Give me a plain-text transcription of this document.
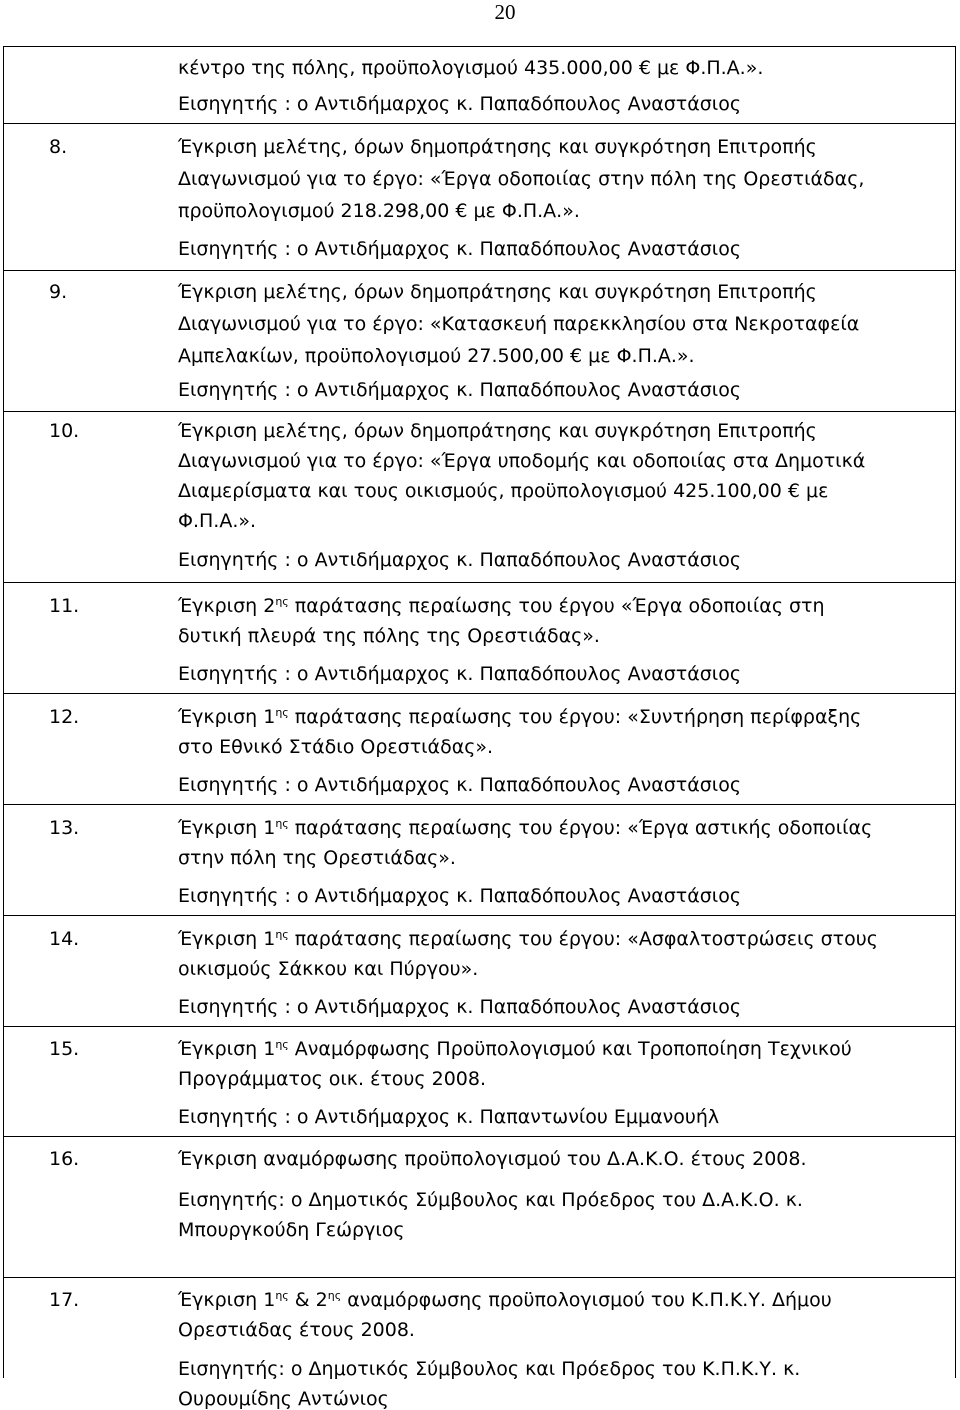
20
κέντρο της πόλης, προϋπολογισμού 435.000,00 € με Φ.Π.Α.».
Εισηγητής : ο Αντιδήμαρχος κ. Παπαδόπουλος Αναστάσιος
8.	Έγκριση μελέτης, όρων δημοπράτησης και συγκρότηση Επιτροπής
Διαγωνισμού για το έργο: «Έργα οδοποιίας στην πόλη της Ορεστιάδας,
προϋπολογισμού 218.298,00 € με Φ.Π.Α.».
Εισηγητής : ο Αντιδήμαρχος κ. Παπαδόπουλος Αναστάσιος
9.	Έγκριση μελέτης, όρων δημοπράτησης και συγκρότηση Επιτροπής
Διαγωνισμού για το έργο: «Κατασκευή παρεκκλησίου στα Νεκροταφεία
Αμπελακίων, προϋπολογισμού 27.500,00 € με Φ.Π.Α.».
Εισηγητής : ο Αντιδήμαρχος κ. Παπαδόπουλος Αναστάσιος
10.	Έγκριση μελέτης, όρων δημοπράτησης και συγκρότηση Επιτροπής
Διαγωνισμού για το έργο: «Έργα υποδομής και οδοποιίας στα Δημοτικά
Διαμερίσματα και τους οικισμούς, προϋπολογισμού 425.100,00 € με
Φ.Π.Α.».
Εισηγητής : ο Αντιδήμαρχος κ. Παπαδόπουλος Αναστάσιος
11.	Έγκριση $2^{\eta\varsigma}$ παράτασης περαίωσης του έργου «Έργα οδοποιίας στη
δυτική πλευρά της πόλης της Ορεστιάδας».
Εισηγητής : ο Αντιδήμαρχος κ. Παπαδόπουλος Αναστάσιος
12.	Έγκριση $1^{\eta\varsigma}$ παράτασης περαίωσης του έργου: «Συντήρηση περίφραξης
στο Εθνικό Στάδιο Ορεστιάδας».
Εισηγητής : ο Αντιδήμαρχος κ. Παπαδόπουλος Αναστάσιος
13.	Έγκριση $1^{\eta\varsigma}$ παράτασης περαίωσης του έργου: «Έργα αστικής οδοποιίας
στην πόλη της Ορεστιάδας».
Εισηγητής : ο Αντιδήμαρχος κ. Παπαδόπουλος Αναστάσιος
14.	Έγκριση $1^{\eta\varsigma}$ παράτασης περαίωσης του έργου: «Ασφαλτοστρώσεις στους
οικισμούς Σάκκου και Πύργου».
Εισηγητής : ο Αντιδήμαρχος κ. Παπαδόπουλος Αναστάσιος
15.	Έγκριση $1^{\eta\varsigma}$ Αναμόρφωσης Προϋπολογισμού και Τροποποίηση Τεχνικού
Προγράμματος οικ. έτους 2008.
Εισηγητής : ο Αντιδήμαρχος κ. Παπαντωνίου Εμμανουήλ
16.	Έγκριση αναμόρφωσης προϋπολογισμού του Δ.Α.Κ.Ο. έτους 2008.
Εισηγητής: ο Δημοτικός Σύμβουλος και Πρόεδρος του Δ.Α.Κ.Ο. κ.
Μπουργκούδη Γεώργιος
17.	Έγκριση $1^{\eta\varsigma}$ & $2^{\eta\varsigma}$ αναμόρφωσης προϋπολογισμού του Κ.Π.Κ.Υ. Δήμου
Ορεστιάδας έτους 2008.
Εισηγητής: ο Δημοτικός Σύμβουλος και Πρόεδρος του Κ.Π.Κ.Υ. κ.
Ουρουμίδης Αντώνιος
